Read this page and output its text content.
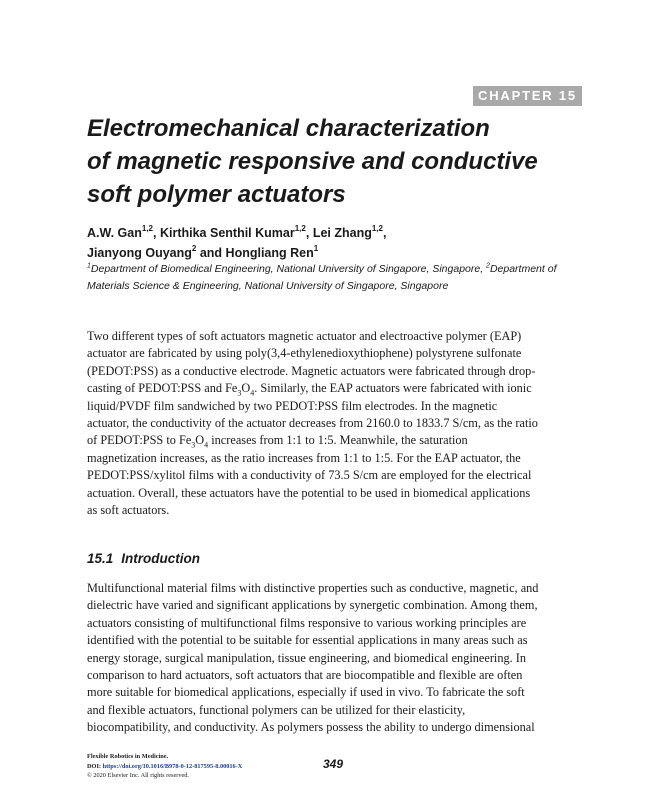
CHAPTER 15
Electromechanical characterization
of magnetic responsive and conductive
soft polymer actuators
A.W. Gan$^{1,2}$, Kirthika Senthil Kumar$^{1,2}$, Lei Zhang$^{1,2}$,
Jianyong Ouyang$^2$ and Hongliang Ren$^1$
$^1$Department of Biomedical Engineering, National University of Singapore, Singapore, $^2$Department of
Materials Science & Engineering, National University of Singapore, Singapore
Two different types of soft actuators magnetic actuator and electroactive polymer (EAP)
actuator are fabricated by using poly(3,4-ethylenedioxythiophene) polystyrene sulfonate
(PEDOT:PSS) as a conductive electrode. Magnetic actuators were fabricated through drop-
casting of PEDOT:PSS and $Fe_3O_4$. Similarly, the EAP actuators were fabricated with ionic
liquid/PVDF film sandwiched by two PEDOT:PSS film electrodes. In the magnetic
actuator, the conductivity of the actuator decreases from 2160.0 to 1833.7 S/cm, as the ratio
of PEDOT:PSS to $Fe_3O_4$ increases from 1:1 to 1:5. Meanwhile, the saturation
magnetization increases, as the ratio increases from 1:1 to 1:5. For the EAP actuator, the
PEDOT:PSS/xylitol films with a conductivity of 73.5 S/cm are employed for the electrical
actuation. Overall, these actuators have the potential to be used in biomedical applications
as soft actuators.
15.1 Introduction
Multifunctional material films with distinctive properties such as conductive, magnetic, and
dielectric have varied and significant applications by synergetic combination. Among them,
actuators consisting of multifunctional films responsive to various working principles are
identified with the potential to be suitable for essential applications in many areas such as
energy storage, surgical manipulation, tissue engineering, and biomedical engineering. In
comparison to hard actuators, soft actuators that are biocompatible and flexible are often
more suitable for biomedical applications, especially if used in vivo. To fabricate the soft
and flexible actuators, functional polymers can be utilized for their elasticity,
biocompatibility, and conductivity. As polymers possess the ability to undergo dimensional
Flexible Robotics in Medicine.
DOI: https://doi.org/10.1016/B978-0-12-817595-8.00016-X
© 2020 Elsevier Inc. All rights reserved.
349
